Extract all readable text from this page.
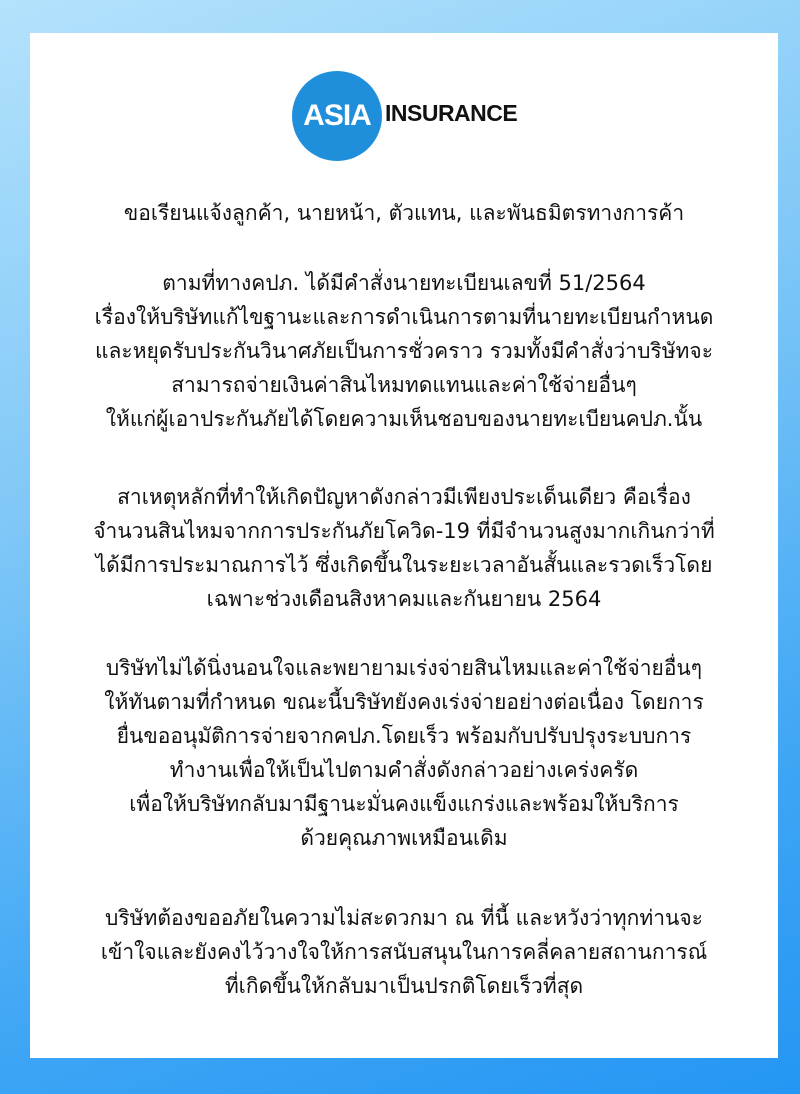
ASIA INSURANCE
ขอเรียนแจ้งลูกค้า, นายหน้า, ตัวแทน, และพันธมิตรทางการค้า
ตามที่ทางคปภ. ได้มีคำสั่งนายทะเบียนเลขที่ 51/2564
เรื่องให้บริษัทแก้ไขฐานะและการดำเนินการตามที่นายทะเบียนกำหนด
และหยุดรับประกันวินาศภัยเป็นการชั่วคราว รวมทั้งมีคำสั่งว่าบริษัทจะ
สามารถจ่ายเงินค่าสินไหมทดแทนและค่าใช้จ่ายอื่นๆ
ให้แก่ผู้เอาประกันภัยได้โดยความเห็นชอบของนายทะเบียนคปภ.นั้น
สาเหตุหลักที่ทำให้เกิดปัญหาดังกล่าวมีเพียงประเด็นเดียว คือเรื่อง
จำนวนสินไหมจากการประกันภัยโควิด-19 ที่มีจำนวนสูงมากเกินกว่าที่
ได้มีการประมาณการไว้ ซึ่งเกิดขึ้นในระยะเวลาอันสั้นและรวดเร็วโดย
เฉพาะช่วงเดือนสิงหาคมและกันยายน 2564
บริษัทไม่ได้นิ่งนอนใจและพยายามเร่งจ่ายสินไหมและค่าใช้จ่ายอื่นๆ
ให้ทันตามที่กำหนด ขณะนี้บริษัทยังคงเร่งจ่ายอย่างต่อเนื่อง โดยการ
ยื่นขออนุมัติการจ่ายจากคปภ.โดยเร็ว พร้อมกับปรับปรุงระบบการ
ทำงานเพื่อให้เป็นไปตามคำสั่งดังกล่าวอย่างเคร่งครัด
เพื่อให้บริษัทกลับมามีฐานะมั่นคงแข็งแกร่งและพร้อมให้บริการ
ด้วยคุณภาพเหมือนเดิม
บริษัทต้องขออภัยในความไม่สะดวกมา ณ ที่นี้ และหวังว่าทุกท่านจะ
เข้าใจและยังคงไว้วางใจให้การสนับสนุนในการคลี่คลายสถานการณ์
ที่เกิดขึ้นให้กลับมาเป็นปรกติโดยเร็วที่สุด
